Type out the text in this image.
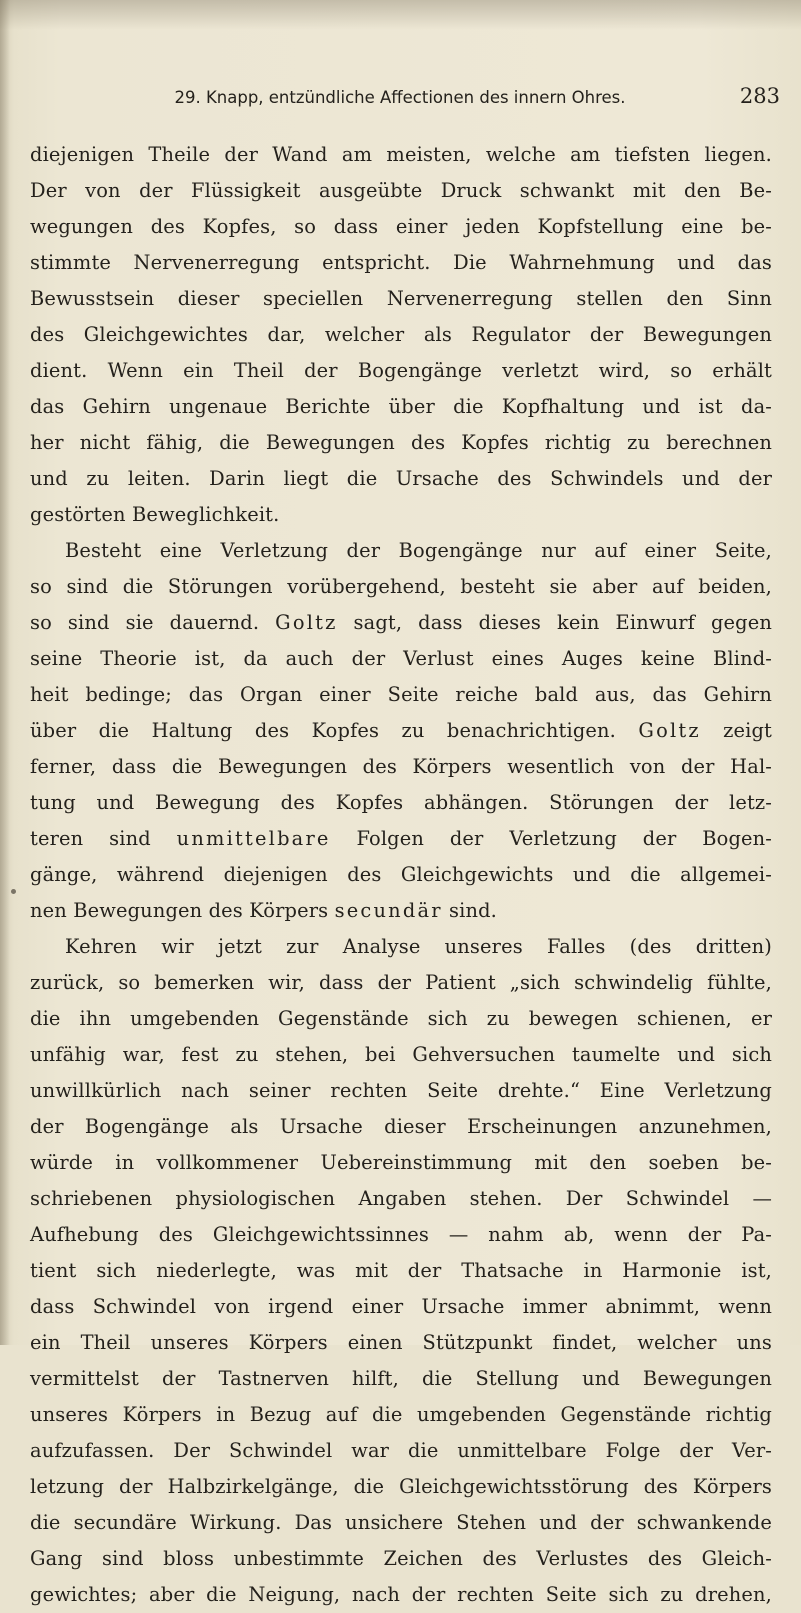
29. Knapp, entzündliche Affectionen des innern Ohres.	283
diejenigen Theile der Wand am meisten, welche am tiefsten liegen.
Der von der Flüssigkeit ausgeübte Druck schwankt mit den Be-
wegungen des Kopfes, so dass einer jeden Kopfstellung eine be-
stimmte Nervenerregung entspricht. Die Wahrnehmung und das
Bewusstsein dieser speciellen Nervenerregung stellen den Sinn
des Gleichgewichtes dar, welcher als Regulator der Bewegungen
dient. Wenn ein Theil der Bogengänge verletzt wird, so erhält
das Gehirn ungenaue Berichte über die Kopfhaltung und ist da-
her nicht fähig, die Bewegungen des Kopfes richtig zu berechnen
und zu leiten. Darin liegt die Ursache des Schwindels und der
gestörten Beweglichkeit.
Besteht eine Verletzung der Bogengänge nur auf einer Seite,
so sind die Störungen vorübergehend, besteht sie aber auf beiden,
so sind sie dauernd. Goltz sagt, dass dieses kein Einwurf gegen
seine Theorie ist, da auch der Verlust eines Auges keine Blind-
heit bedinge; das Organ einer Seite reiche bald aus, das Gehirn
über die Haltung des Kopfes zu benachrichtigen. Goltz zeigt
ferner, dass die Bewegungen des Körpers wesentlich von der Hal-
tung und Bewegung des Kopfes abhängen. Störungen der letz-
teren sind unmittelbare Folgen der Verletzung der Bogen-
gänge, während diejenigen des Gleichgewichts und die allgemei-
nen Bewegungen des Körpers secundär sind.
Kehren wir jetzt zur Analyse unseres Falles (des dritten)
zurück, so bemerken wir, dass der Patient „sich schwindelig fühlte,
die ihn umgebenden Gegenstände sich zu bewegen schienen, er
unfähig war, fest zu stehen, bei Gehversuchen taumelte und sich
unwillkürlich nach seiner rechten Seite drehte.“ Eine Verletzung
der Bogengänge als Ursache dieser Erscheinungen anzunehmen,
würde in vollkommener Uebereinstimmung mit den soeben be-
schriebenen physiologischen Angaben stehen. Der Schwindel —
Aufhebung des Gleichgewichtssinnes — nahm ab, wenn der Pa-
tient sich niederlegte, was mit der Thatsache in Harmonie ist,
dass Schwindel von irgend einer Ursache immer abnimmt, wenn
ein Theil unseres Körpers einen Stützpunkt findet, welcher uns
vermittelst der Tastnerven hilft, die Stellung und Bewegungen
unseres Körpers in Bezug auf die umgebenden Gegenstände richtig
aufzufassen. Der Schwindel war die unmittelbare Folge der Ver-
letzung der Halbzirkelgänge, die Gleichgewichtsstörung des Körpers
die secundäre Wirkung. Das unsichere Stehen und der schwankende
Gang sind bloss unbestimmte Zeichen des Verlustes des Gleich-
gewichtes; aber die Neigung, nach der rechten Seite sich zu drehen,
